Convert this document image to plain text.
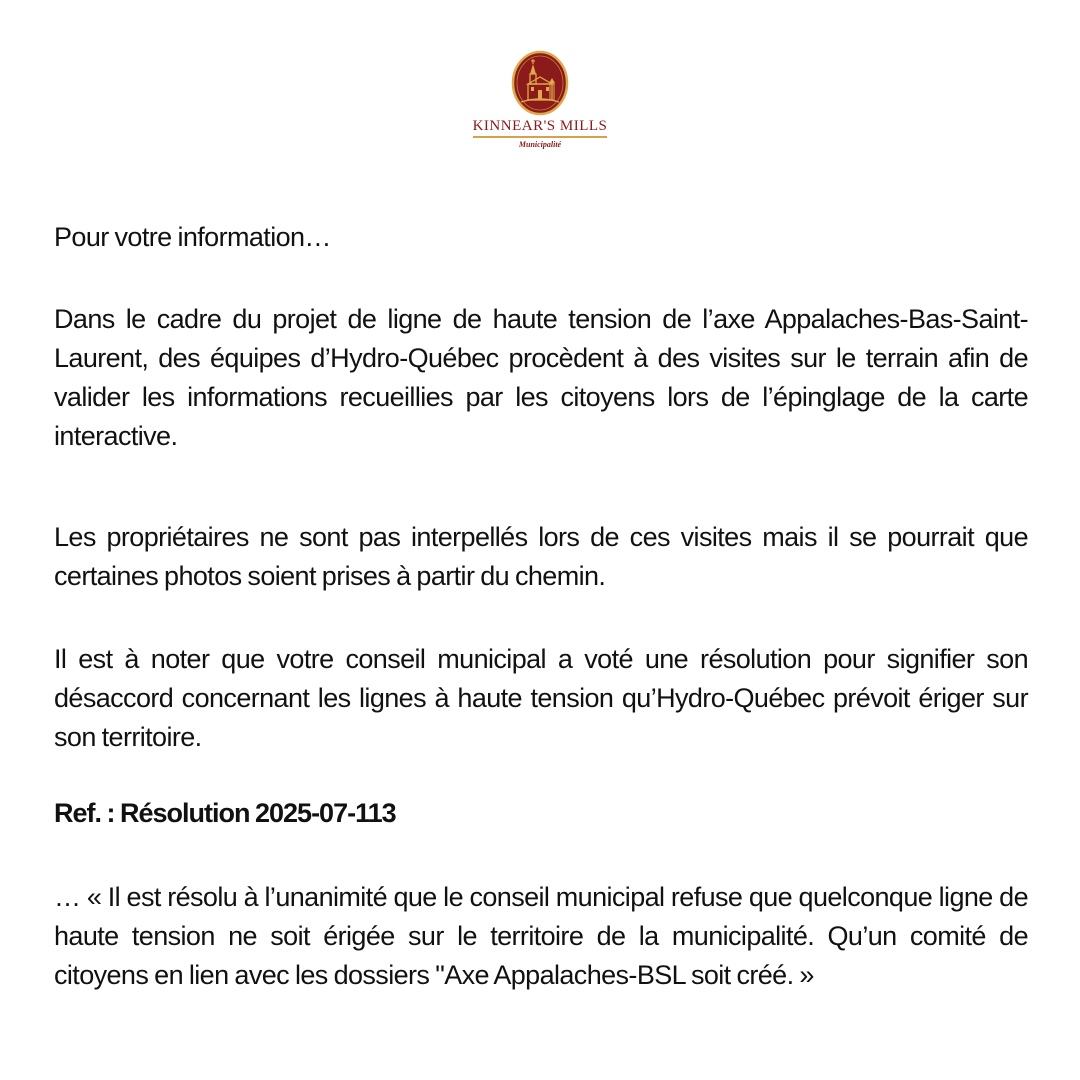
KINNEAR'S MILLS
Municipalité

Pour votre information…

Dans le cadre du projet de ligne de haute tension de l’axe Appalaches-Bas-Saint-Laurent, des équipes d’Hydro-Québec procèdent à des visites sur le terrain afin de valider les informations recueillies par les citoyens lors de l’épinglage de la carte interactive.

Les propriétaires ne sont pas interpellés lors de ces visites mais il se pourrait que certaines photos soient prises à partir du chemin.

Il est à noter que votre conseil municipal a voté une résolution pour signifier son désaccord concernant les lignes à haute tension qu’Hydro-Québec prévoit ériger sur son territoire.

Ref. : Résolution 2025-07-113

… « Il est résolu à l’unanimité que le conseil municipal refuse que quelconque ligne de haute tension ne soit érigée sur le territoire de la municipalité. Qu’un comité de citoyens en lien avec les dossiers "Axe Appalaches-BSL soit créé. »
